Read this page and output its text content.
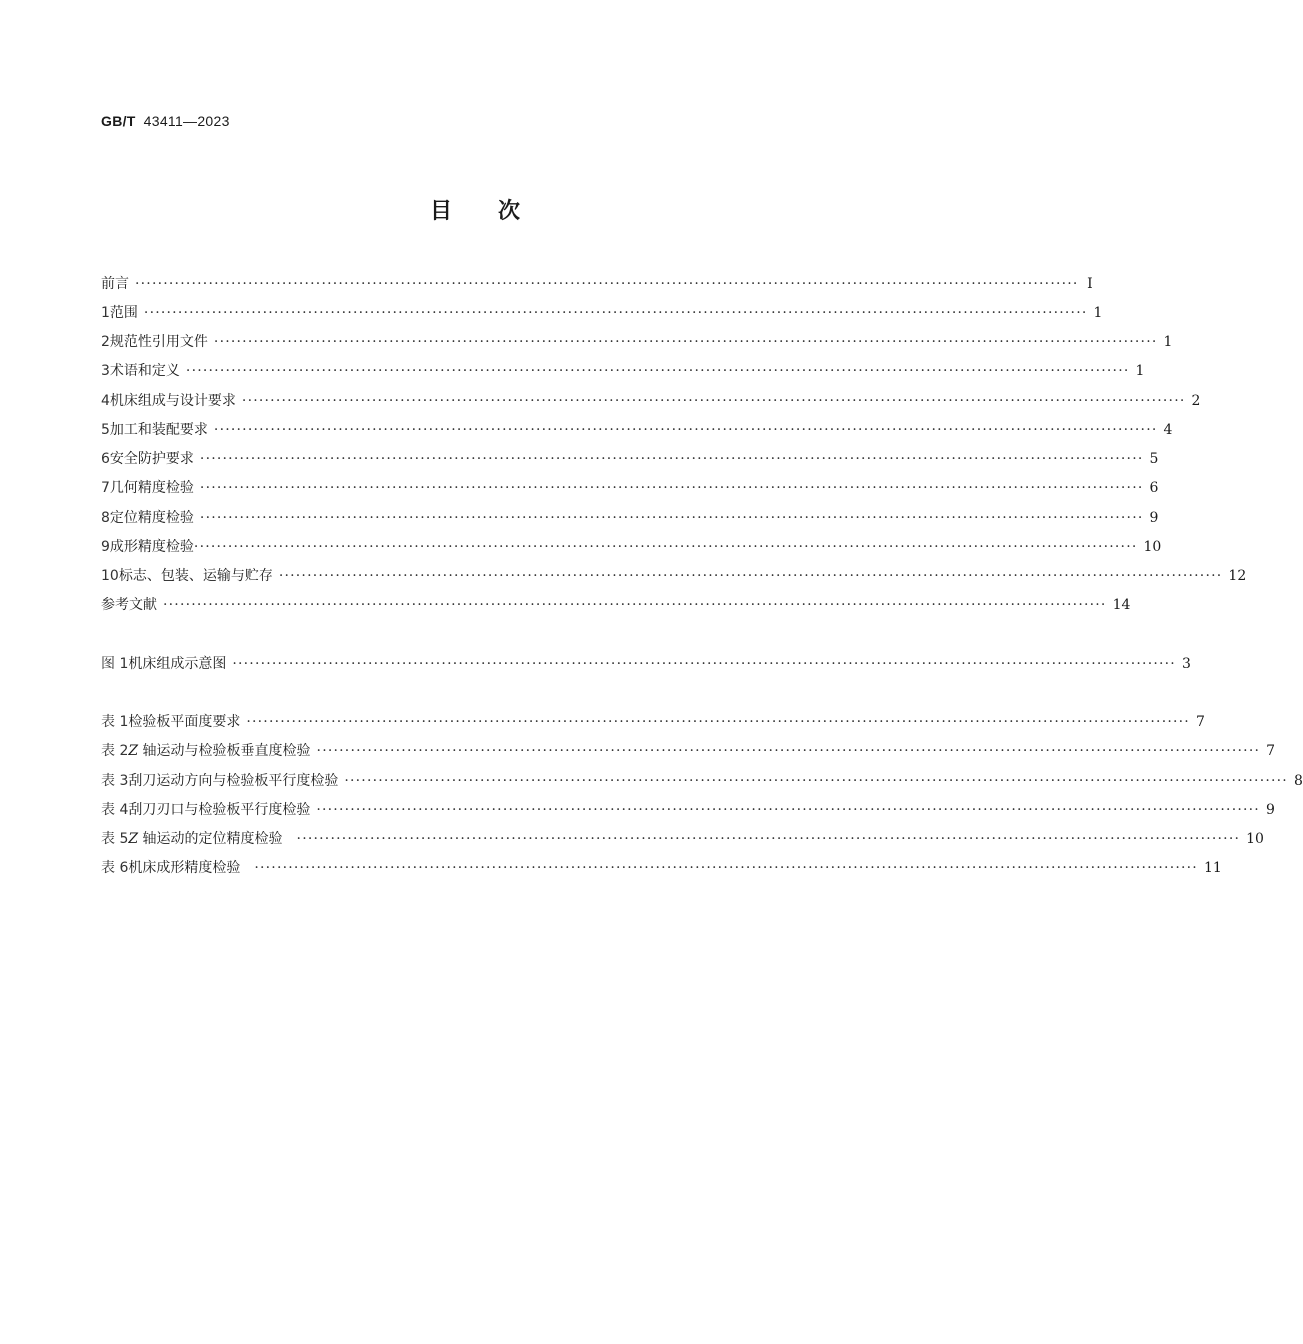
GB/T 43411—2023
目 次
前言 ······································································································································································· Ⅰ
1 范围 ······································································································································································· 1
2 规范性引用文件 ······································································································································································· 1
3 术语和定义 ······································································································································································· 1
4 机床组成与设计要求 ······································································································································································· 2
5 加工和装配要求 ······································································································································································· 4
6 安全防护要求 ······································································································································································· 5
7 几何精度检验 ······································································································································································· 6
8 定位精度检验 ······································································································································································· 9
9 成形精度检验 ······································································································································································· 10
10 标志、包装、运输与贮存 ······································································································································································· 12
参考文献 ······································································································································································· 14
图 1 机床组成示意图 ······································································································································································· 3
表 1 检验板平面度要求 ······································································································································································· 7
表 2 Z 轴运动与检验板垂直度检验 ······································································································································································· 7
表 3 刮刀运动方向与检验板平行度检验 ······································································································································································· 8
表 4 刮刀刃口与检验板平行度检验 ······································································································································································· 9
表 5 Z 轴运动的定位精度检验 ······································································································································································· 10
表 6 机床成形精度检验 ······································································································································································· 11
